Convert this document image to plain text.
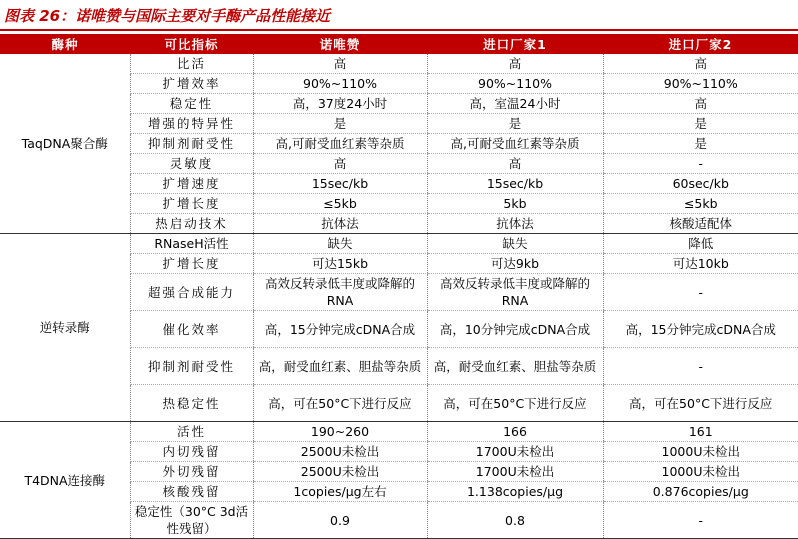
图表 26：诺唯赞与国际主要对手酶产品性能接近
酶种	可比指标	诺唯赞	进口厂家1	进口厂家2
TaqDNA聚合酶	比活	高	高	高
	扩增效率	90%~110%	90%~110%	90%~110%
	稳定性	高，37度24小时	高，室温24小时	高
	增强的特异性	是	是	是
	抑制剂耐受性	高,可耐受血红素等杂质	高,可耐受血红素等杂质	是
	灵敏度	高	高	-
	扩增速度	15sec/kb	15sec/kb	60sec/kb
	扩增长度	≤5kb	5kb	≤5kb
	热启动技术	抗体法	抗体法	核酸适配体
逆转录酶	RNaseH活性	缺失	缺失	降低
	扩增长度	可达15kb	可达9kb	可达10kb
	超强合成能力	高效反转录低丰度或降解的RNA	高效反转录低丰度或降解的RNA	-
	催化效率	高，15分钟完成cDNA合成	高，10分钟完成cDNA合成	高，15分钟完成cDNA合成
	抑制剂耐受性	高，耐受血红素、胆盐等杂质	高，耐受血红素、胆盐等杂质	-
	热稳定性	高，可在50°C下进行反应	高，可在50°C下进行反应	高，可在50°C下进行反应
T4DNA连接酶	活性	190~260	166	161
	内切残留	2500U未检出	1700U未检出	1000U未检出
	外切残留	2500U未检出	1700U未检出	1000U未检出
	核酸残留	1copies/μg左右	1.138copies/μg	0.876copies/μg
	稳定性（30°C 3d活性残留）	0.9	0.8	-
